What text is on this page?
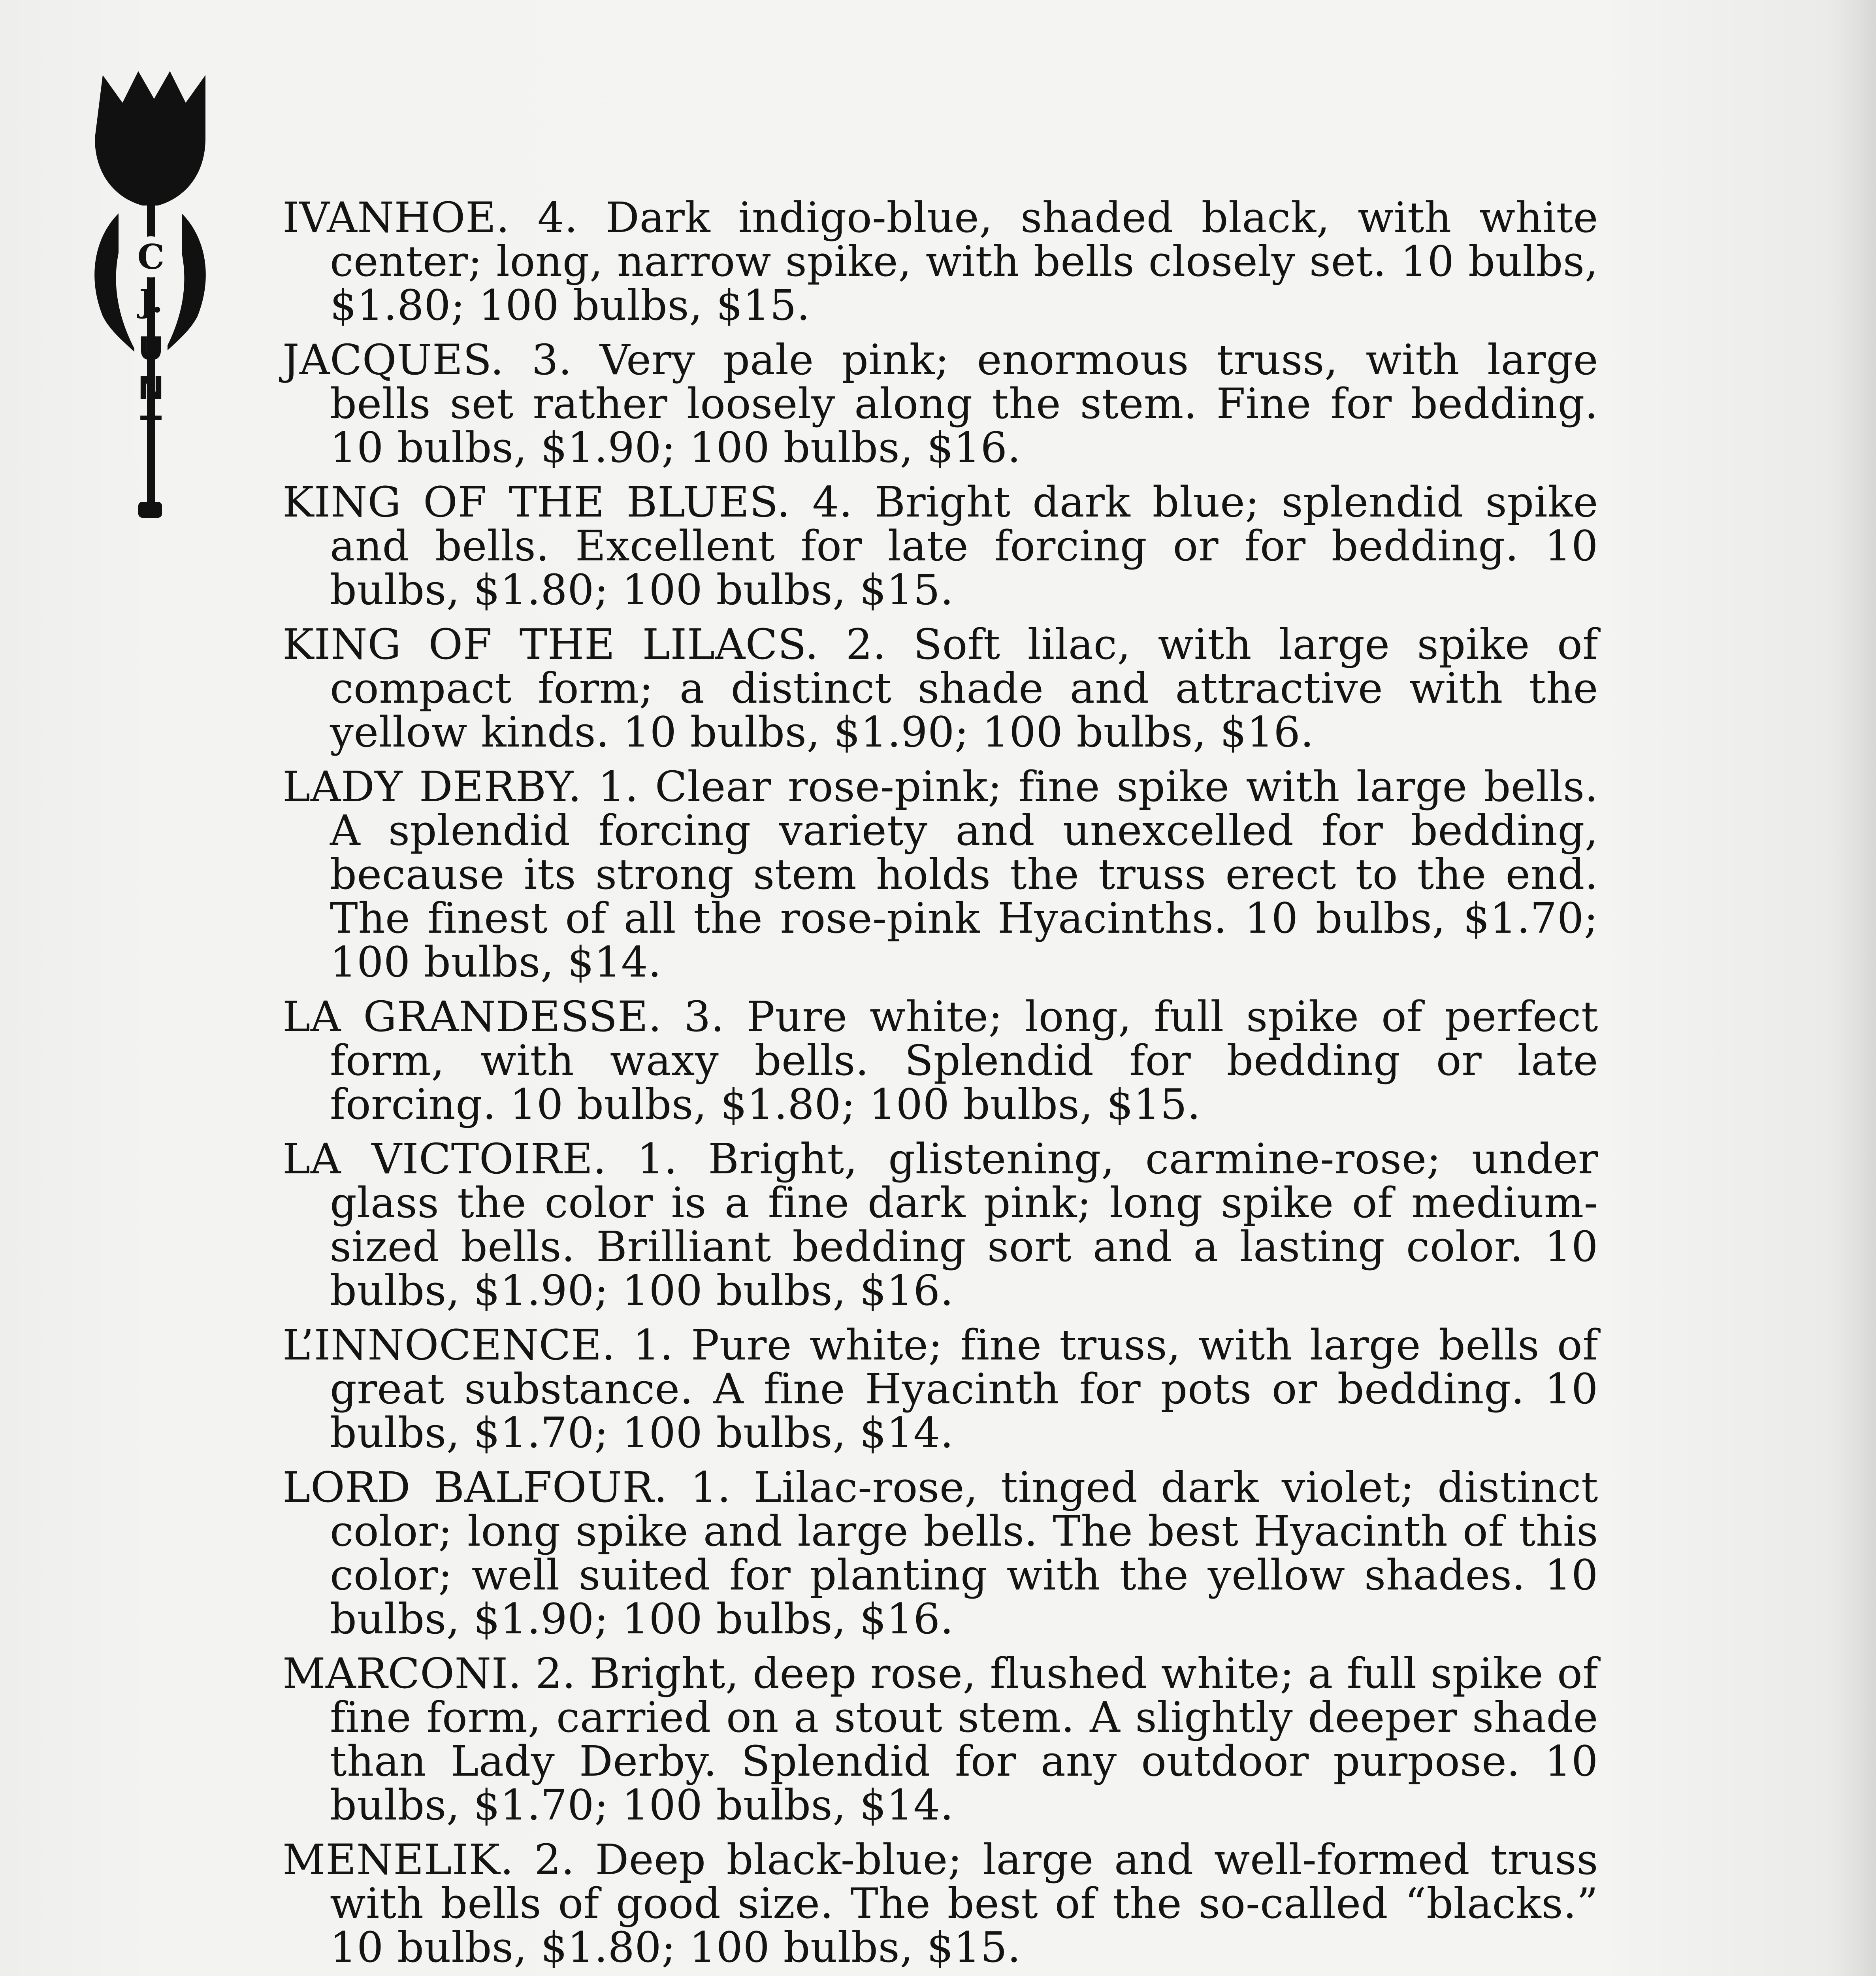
C
J.
U
N
T

IVANHOE. 4. Dark indigo-blue, shaded black, with white center; long, narrow spike, with bells closely set. 10 bulbs, $1.80; 100 bulbs, $15.

JACQUES. 3. Very pale pink; enormous truss, with large bells set rather loosely along the stem. Fine for bedding. 10 bulbs, $1.90; 100 bulbs, $16.

KING OF THE BLUES. 4. Bright dark blue; splendid spike and bells. Excellent for late forcing or for bedding. 10 bulbs, $1.80; 100 bulbs, $15.

KING OF THE LILACS. 2. Soft lilac, with large spike of compact form; a distinct shade and attractive with the yellow kinds. 10 bulbs, $1.90; 100 bulbs, $16.

LADY DERBY. 1. Clear rose-pink; fine spike with large bells. A splendid forcing variety and unexcelled for bedding, because its strong stem holds the truss erect to the end. The finest of all the rose-pink Hyacinths. 10 bulbs, $1.70; 100 bulbs, $14.

LA GRANDESSE. 3. Pure white; long, full spike of perfect form, with waxy bells. Splendid for bedding or late forcing. 10 bulbs, $1.80; 100 bulbs, $15.

LA VICTOIRE. 1. Bright, glistening, carmine-rose; under glass the color is a fine dark pink; long spike of medium-sized bells. Brilliant bedding sort and a lasting color. 10 bulbs, $1.90; 100 bulbs, $16.

L’INNOCENCE. 1. Pure white; fine truss, with large bells of great substance. A fine Hyacinth for pots or bedding. 10 bulbs, $1.70; 100 bulbs, $14.

LORD BALFOUR. 1. Lilac-rose, tinged dark violet; distinct color; long spike and large bells. The best Hyacinth of this color; well suited for planting with the yellow shades. 10 bulbs, $1.90; 100 bulbs, $16.

MARCONI. 2. Bright, deep rose, flushed white; a full spike of fine form, carried on a stout stem. A slightly deeper shade than Lady Derby. Splendid for any outdoor purpose. 10 bulbs, $1.70; 100 bulbs, $14.

MENELIK. 2. Deep black-blue; large and well-formed truss with bells of good size. The best of the so-called “blacks.” 10 bulbs, $1.80; 100 bulbs, $15.
